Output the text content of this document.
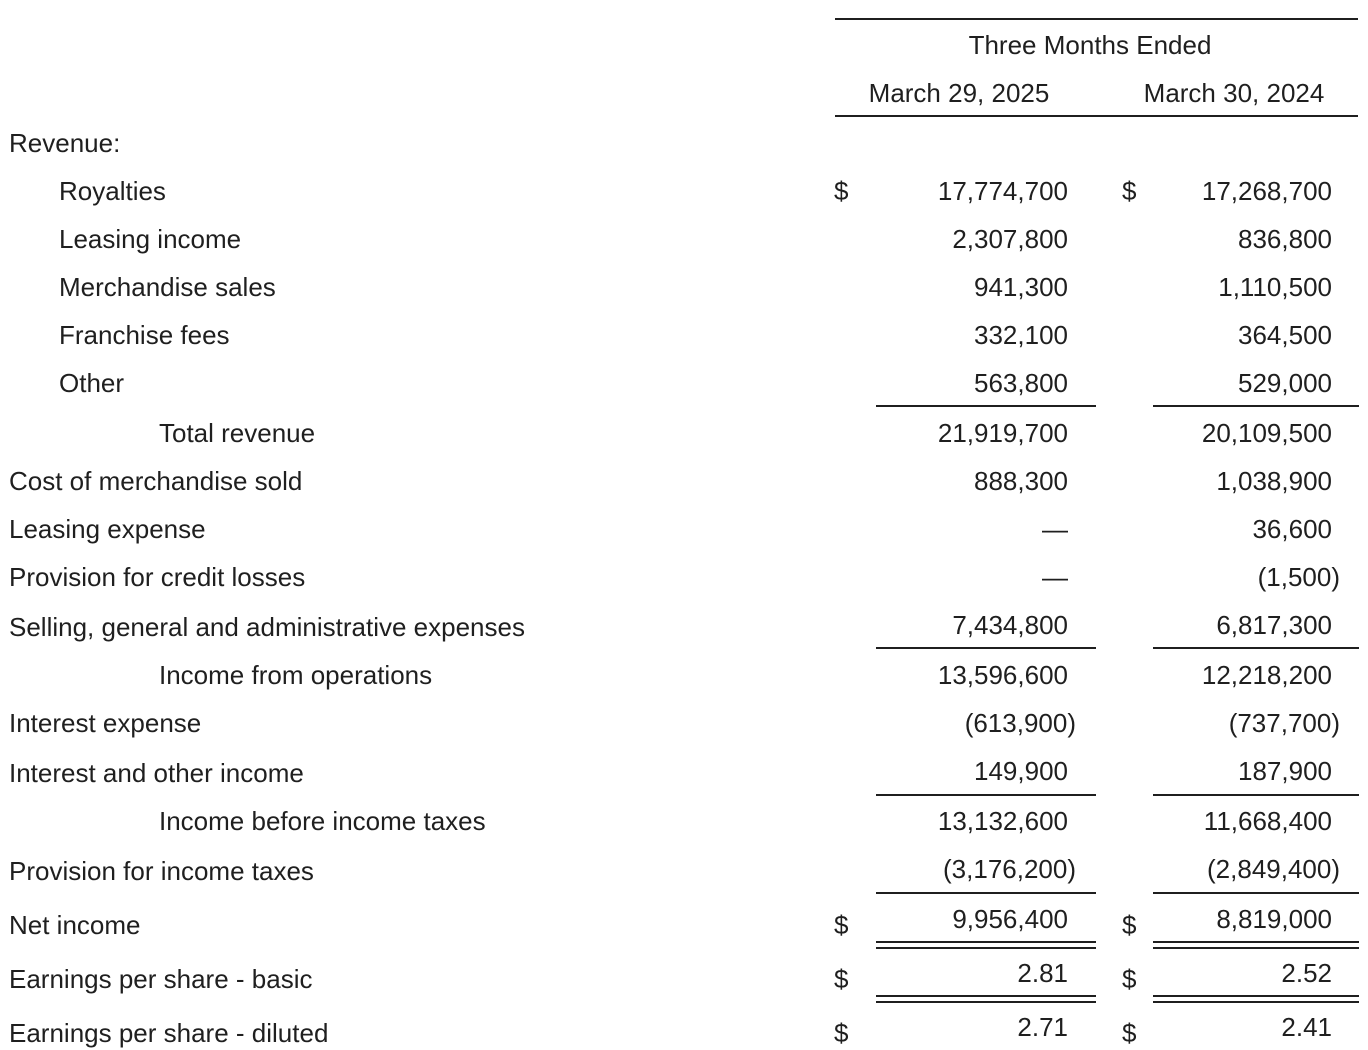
Three Months Ended
March 29, 2025	March 30, 2024
Revenue:
Royalties	$	17,774,700 $	17,268,700
Leasing income	2,307,800	836,800
Merchandise sales	941,300	1,110,500
Franchise fees	332,100	364,500
Other	563,800	529,000
Total revenue	21,919,700	20,109,500
Cost of merchandise sold	888,300	1,038,900
Leasing expense	—	36,600
Provision for credit losses	—	(1,500)
Selling, general and administrative expenses	7,434,800	6,817,300
Income from operations	13,596,600	12,218,200
Interest expense	(613,900)	(737,700)
Interest and other income	149,900	187,900
Income before income taxes	13,132,600	11,668,400
Provision for income taxes	(3,176,200)	(2,849,400)
Net income	$	9,956,400 $	8,819,000
Earnings per share - basic	$	2.81 $	2.52
Earnings per share - diluted	$	2.71 $	2.41
